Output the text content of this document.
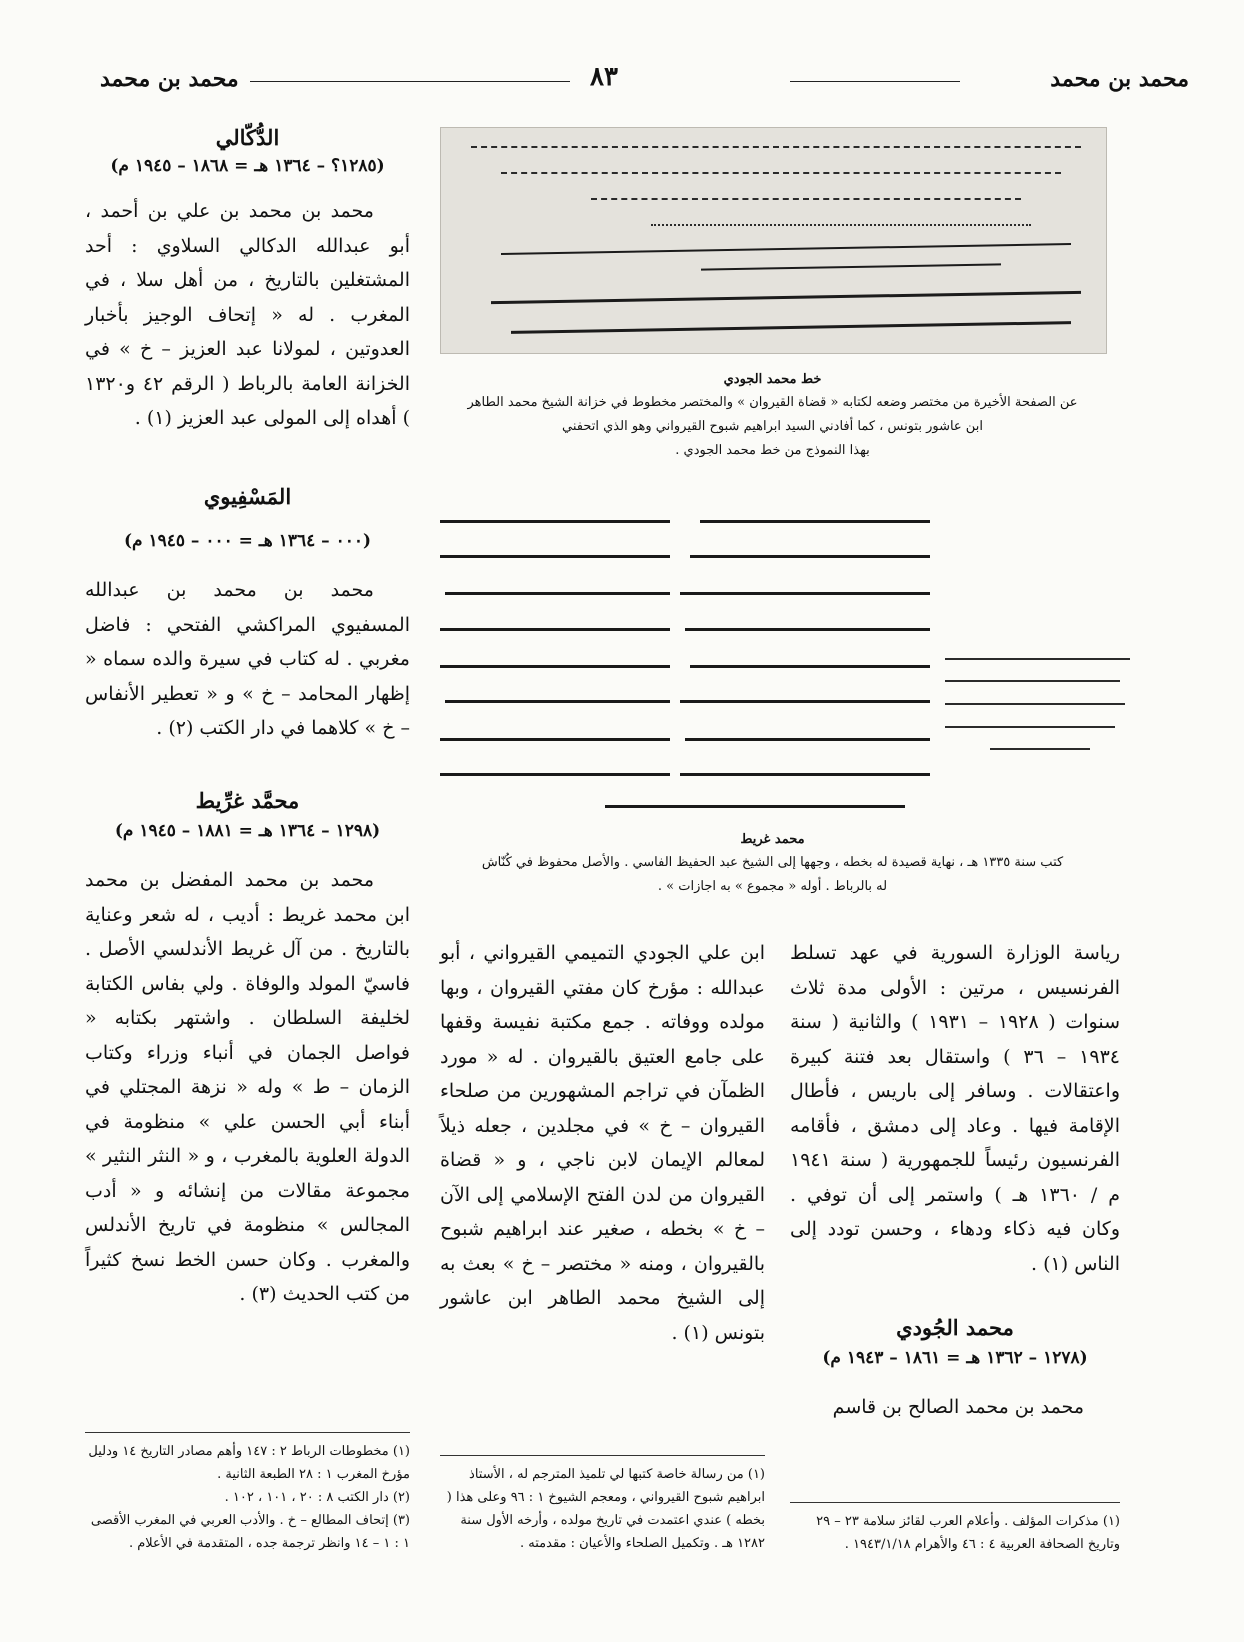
محمد بن محمد
٨٣
محمد بن محمد
الدُّكّالي
(١٢٨٥؟ – ١٣٦٤ هـ = ١٨٦٨ – ١٩٤٥ م)

محمد بن محمد بن علي بن أحمد ، أبو عبدالله الدكالي السلاوي : أحد المشتغلين بالتاريخ ، من أهل سلا ، في المغرب . له « إتحاف الوجيز بأخبار العدوتين ، لمولانا عبد العزيز – خ » في الخزانة العامة بالرباط ( الرقم ٤٢ و١٣٢٠ ) أهداه إلى المولى عبد العزيز (١) .

المَسْفِيوي
(٠٠٠ – ١٣٦٤ هـ = ٠٠٠ – ١٩٤٥ م)

محمد بن محمد بن عبدالله المسفيوي المراكشي الفتحي : فاضل مغربي . له كتاب في سيرة والده سماه « إظهار المحامد – خ » و « تعطير الأنفاس – خ » كلاهما في دار الكتب (٢) .

محمَّد غرِّيط
(١٢٩٨ – ١٣٦٤ هـ = ١٨٨١ – ١٩٤٥ م)

محمد بن محمد المفضل بن محمد ابن محمد غريط : أديب ، له شعر وعناية بالتاريخ . من آل غريط الأندلسي الأصل . فاسيّ المولد والوفاة . ولي بفاس الكتابة لخليفة السلطان . واشتهر بكتابه « فواصل الجمان في أنباء وزراء وكتاب الزمان – ط » وله « نزهة المجتلي في أبناء أبي الحسن علي » منظومة في الدولة العلوية بالمغرب ، و « النثر النثير » مجموعة مقالات من إنشائه و « أدب المجالس » منظومة في تاريخ الأندلس والمغرب . وكان حسن الخط نسخ كثيراً من كتب الحديث (٣) .

(١) مخطوطات الرباط ٢ : ١٤٧ وأهم مصادر التاريخ ١٤ ودليل مؤرخ المغرب ١ : ٢٨ الطبعة الثانية .
(٢) دار الكتب ٨ : ٢٠ ، ١٠١ ، ١٠٢ .
(٣) إتحاف المطالع – خ . والأدب العربي في المغرب الأقصى ١ : ١ – ١٤ وانظر ترجمة جده ، المتقدمة في الأعلام .
خط محمد الجودي
عن الصفحة الأخيرة من مختصر وضعه لكتابه « قضاة القيروان » والمختصر مخطوط في خزانة الشيخ محمد الطاهر
ابن عاشور بتونس ، كما أفادني السيد ابراهيم شبوح القيرواني وهو الذي اتحفني
بهذا النموذج من خط محمد الجودي .
محمد غريط
كتب سنة ١٣٣٥ هـ ، نهاية قصيدة له بخطه ، وجهها إلى الشيخ عبد الحفيظ الفاسي . والأصل محفوظ في كُنّاش
له بالرباط . أوله « مجموع » به اجازات » .
ابن علي الجودي التميمي القيرواني ، أبو عبدالله : مؤرخ كان مفتي القيروان ، وبها مولده ووفاته . جمع مكتبة نفيسة وقفها على جامع العتيق بالقيروان . له « مورد الظمآن في تراجم المشهورين من صلحاء القيروان – خ » في مجلدين ، جعله ذيلاً لمعالم الإيمان لابن ناجي ، و « قضاة القيروان من لدن الفتح الإسلامي إلى الآن – خ » بخطه ، صغير عند ابراهيم شبوح بالقيروان ، ومنه « مختصر – خ » بعث به إلى الشيخ محمد الطاهر ابن عاشور بتونس (١) .
(١) من رسالة خاصة كتبها لي تلميذ المترجم له ، الأستاذ ابراهيم شبوح القيرواني ، ومعجم الشيوخ ١ : ٩٦ وعلى هذا ( بخطه ) عندي اعتمدت في تاريخ مولده ، وأرخه الأول سنة ١٢٨٢ هـ . وتكميل الصلحاء والأعيان : مقدمته .
رياسة الوزارة السورية في عهد تسلط الفرنسيس ، مرتين : الأولى مدة ثلاث سنوات ( ١٩٢٨ – ١٩٣١ ) والثانية ( سنة ١٩٣٤ – ٣٦ ) واستقال بعد فتنة كبيرة واعتقالات . وسافر إلى باريس ، فأطال الإقامة فيها . وعاد إلى دمشق ، فأقامه الفرنسيون رئيساً للجمهورية ( سنة ١٩٤١ م / ١٣٦٠ هـ ) واستمر إلى أن توفي . وكان فيه ذكاء ودهاء ، وحسن تودد إلى الناس (١) .
محمد الجُودي
(١٢٧٨ – ١٣٦٢ هـ = ١٨٦١ – ١٩٤٣ م)

محمد بن محمد الصالح بن قاسم

(١) مذكرات المؤلف . وأعلام العرب لقائز سلامة ٢٣ – ٢٩ وتاريخ الصحافة العربية ٤ : ٤٦ والأهرام ١٩٤٣/١/١٨ .
